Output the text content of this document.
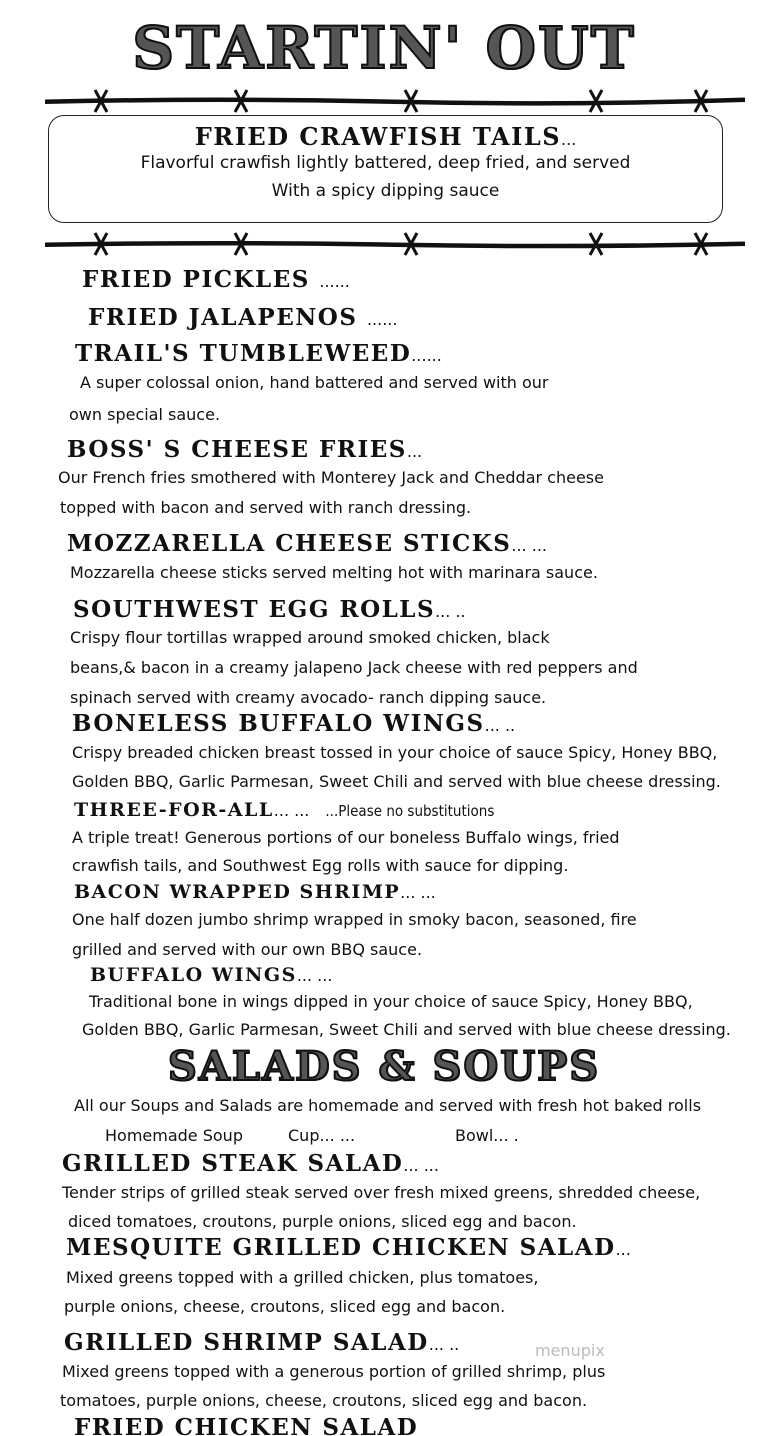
STARTIN' OUT
FRIED CRAWFISH TAILS...
Flavorful crawfish lightly battered, deep fried, and served
With a spicy dipping sauce
FRIED PICKLES ......
FRIED JALAPENOS ......
TRAIL'S TUMBLEWEED......
A super colossal onion, hand battered and served with our
own special sauce.
BOSS' S CHEESE FRIES...
Our French fries smothered with Monterey Jack and Cheddar cheese
topped with bacon and served with ranch dressing.
MOZZARELLA CHEESE STICKS... ...
Mozzarella cheese sticks served melting hot with marinara sauce.
SOUTHWEST EGG ROLLS... ..
Crispy flour tortillas wrapped around smoked chicken, black
beans,& bacon in a creamy jalapeno Jack cheese with red peppers and
spinach served with creamy avocado- ranch dipping sauce.
BONELESS BUFFALO WINGS... ..
Crispy breaded chicken breast tossed in your choice of sauce Spicy, Honey BBQ,
Golden BBQ, Garlic Parmesan, Sweet Chili and served with blue cheese dressing.
THREE-FOR-ALL... ... ...Please no substitutions
A triple treat! Generous portions of our boneless Buffalo wings, fried
crawfish tails, and Southwest Egg rolls with sauce for dipping.
BACON WRAPPED SHRIMP... ...
One half dozen jumbo shrimp wrapped in smoky bacon, seasoned, fire
grilled and served with our own BBQ sauce.
BUFFALO WINGS... ...
Traditional bone in wings dipped in your choice of sauce Spicy, Honey BBQ,
Golden BBQ, Garlic Parmesan, Sweet Chili and served with blue cheese dressing.
SALADS & SOUPS
All our Soups and Salads are homemade and served with fresh hot baked rolls
Homemade Soup	Cup... ...	Bowl... .
GRILLED STEAK SALAD... ...
Tender strips of grilled steak served over fresh mixed greens, shredded cheese,
diced tomatoes, croutons, purple onions, sliced egg and bacon.
MESQUITE GRILLED CHICKEN SALAD...
Mixed greens topped with a grilled chicken, plus tomatoes,
purple onions, cheese, croutons, sliced egg and bacon.
GRILLED SHRIMP SALAD... ..
Mixed greens topped with a generous portion of grilled shrimp, plus
tomatoes, purple onions, cheese, croutons, sliced egg and bacon.
FRIED CHICKEN SALAD
menupix
